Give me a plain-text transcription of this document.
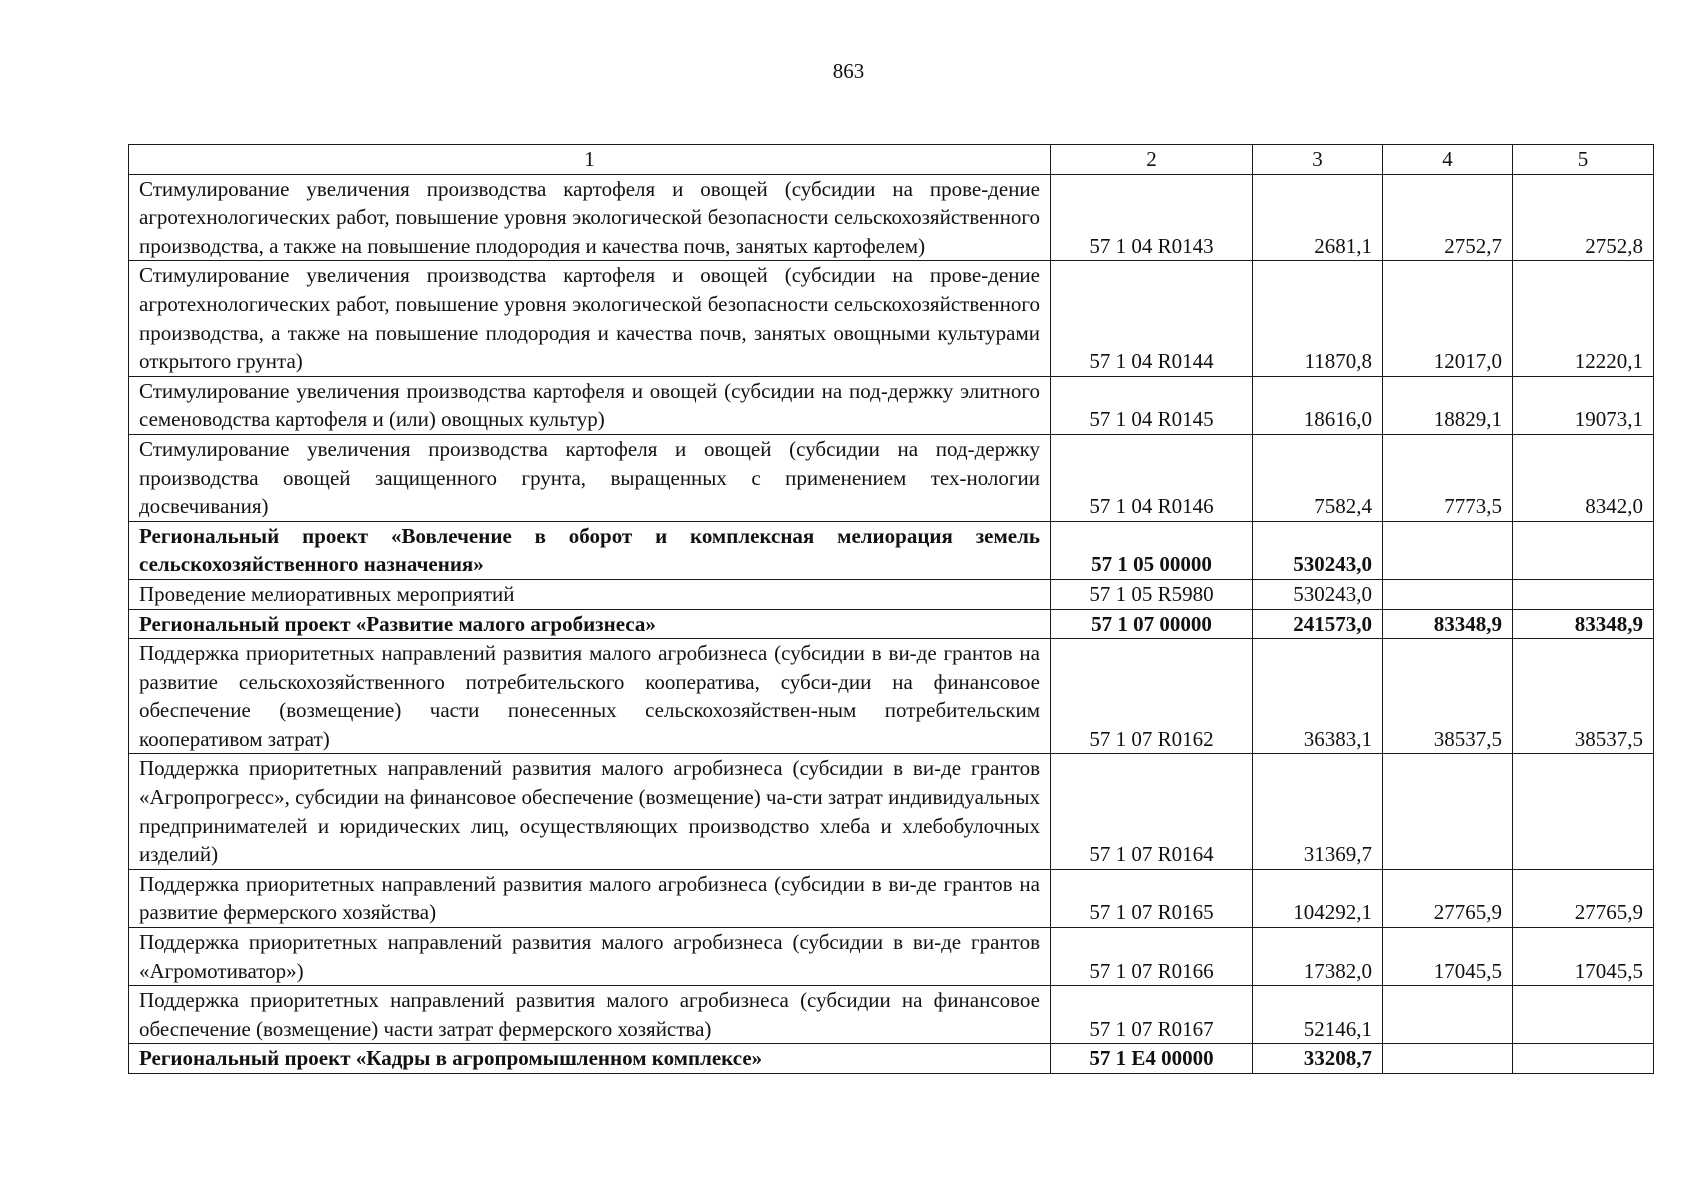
863
1	2	3	4	5
Стимулирование увеличения производства картофеля и овощей (субсидии на прове-дение агротехнологических работ, повышение уровня экологической безопасности сельскохозяйственного производства, а также на повышение плодородия и качества почв, занятых картофелем)	57 1 04 R0143	2681,1	2752,7	2752,8
Стимулирование увеличения производства картофеля и овощей (субсидии на прове-дение агротехнологических работ, повышение уровня экологической безопасности сельскохозяйственного производства, а также на повышение плодородия и качества почв, занятых овощными культурами открытого грунта)	57 1 04 R0144	11870,8	12017,0	12220,1
Стимулирование увеличения производства картофеля и овощей (субсидии на под-держку элитного семеноводства картофеля и (или) овощных культур)	57 1 04 R0145	18616,0	18829,1	19073,1
Стимулирование увеличения производства картофеля и овощей (субсидии на под-держку производства овощей защищенного грунта, выращенных с применением тех-нологии досвечивания)	57 1 04 R0146	7582,4	7773,5	8342,0
Региональный проект «Вовлечение в оборот и комплексная мелиорация земель сельскохозяйственного назначения»	57 1 05 00000	530243,0		
Проведение мелиоративных мероприятий	57 1 05 R5980	530243,0		
Региональный проект «Развитие малого агробизнеса»	57 1 07 00000	241573,0	83348,9	83348,9
Поддержка приоритетных направлений развития малого агробизнеса (субсидии в ви-де грантов на развитие сельскохозяйственного потребительского кооператива, субси-дии на финансовое обеспечение (возмещение) части понесенных сельскохозяйствен-ным потребительским кооперативом затрат)	57 1 07 R0162	36383,1	38537,5	38537,5
Поддержка приоритетных направлений развития малого агробизнеса (субсидии в ви-де грантов «Агропрогресс», субсидии на финансовое обеспечение (возмещение) ча-сти затрат индивидуальных предпринимателей и юридических лиц, осуществляющих производство хлеба и хлебобулочных изделий)	57 1 07 R0164	31369,7		
Поддержка приоритетных направлений развития малого агробизнеса (субсидии в ви-де грантов на развитие фермерского хозяйства)	57 1 07 R0165	104292,1	27765,9	27765,9
Поддержка приоритетных направлений развития малого агробизнеса (субсидии в ви-де грантов «Агромотиватор»)	57 1 07 R0166	17382,0	17045,5	17045,5
Поддержка приоритетных направлений развития малого агробизнеса (субсидии на финансовое обеспечение (возмещение) части затрат фермерского хозяйства)	57 1 07 R0167	52146,1		
Региональный проект «Кадры в агропромышленном комплексе»	57 1 E4 00000	33208,7		
